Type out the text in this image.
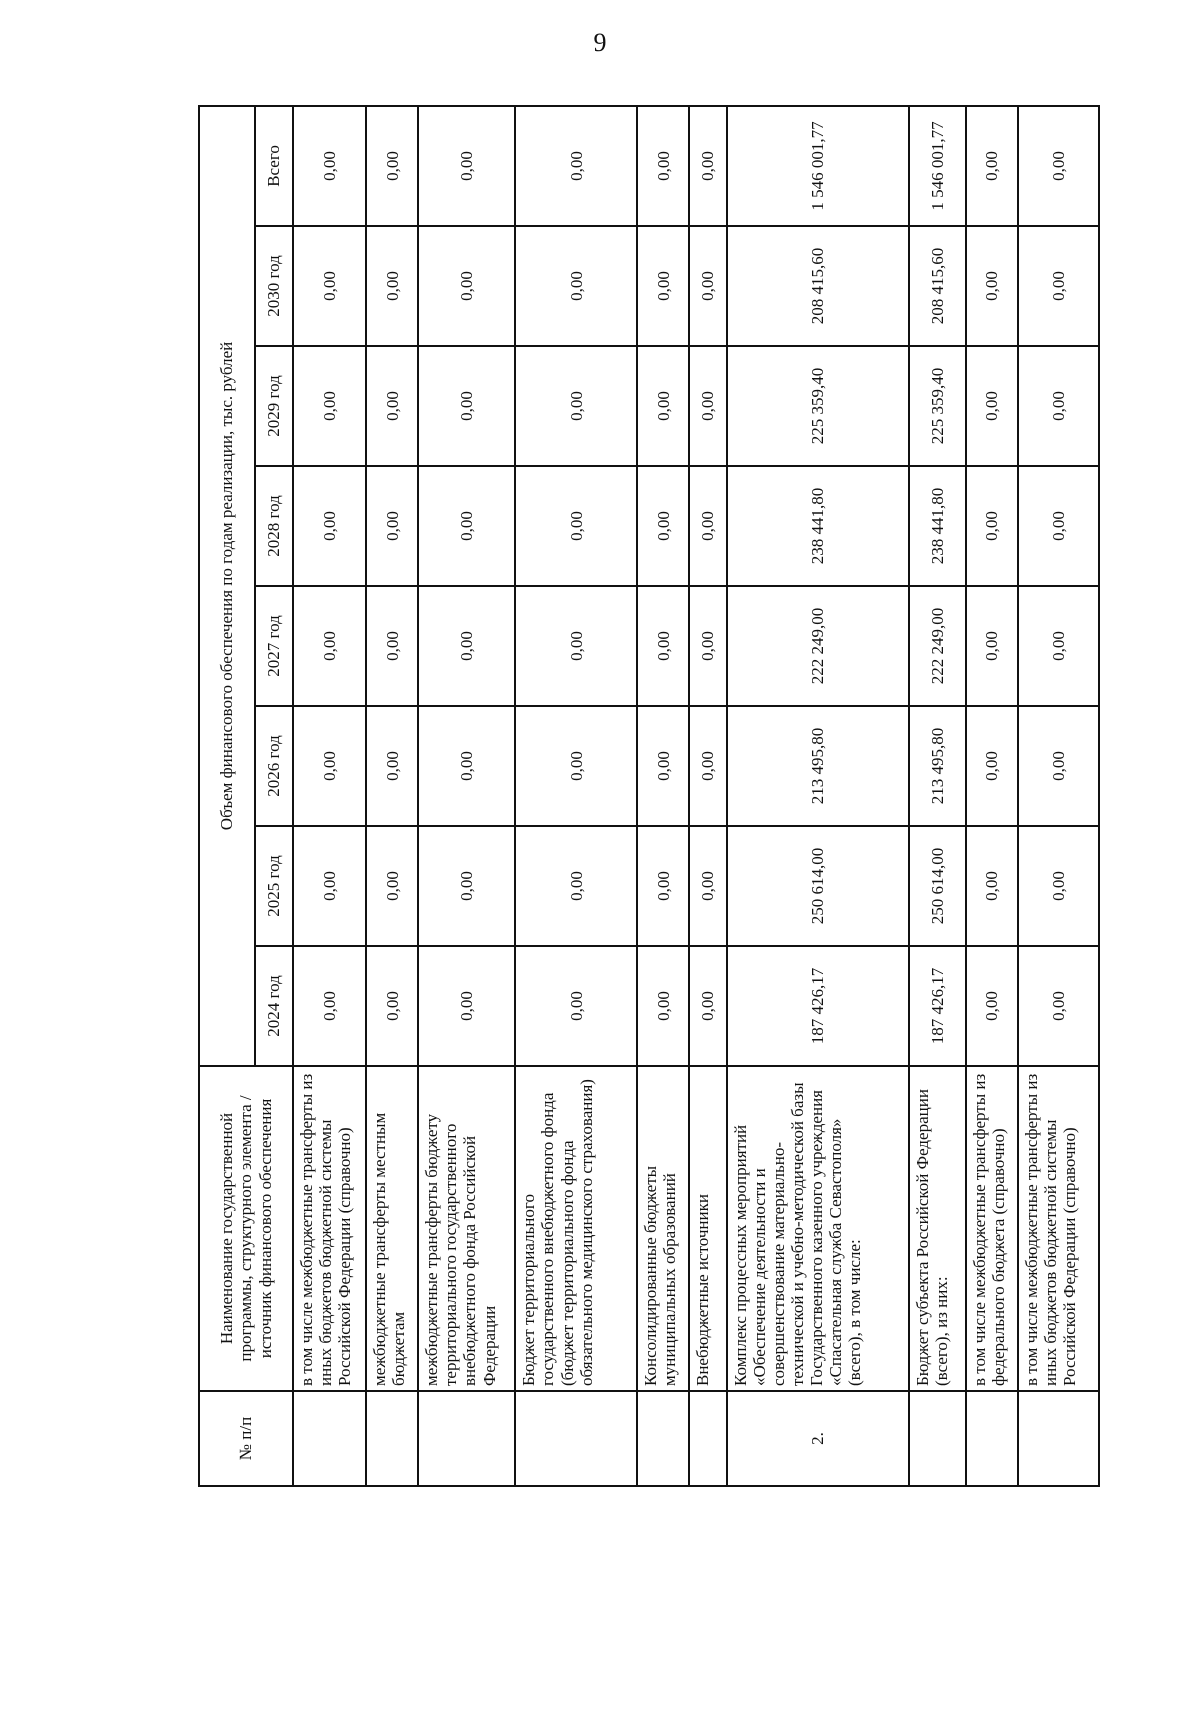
9
№ п/п	Наименование государственной программы, структурного элемента / источник финансового обеспечения	Объем финансового обеспечения по годам реализации, тыс. рублей							
		2024 год	2025 год	2026 год	2027 год	2028 год	2029 год	2030 год	Всего
	в том числе межбюджетные трансферты из иных бюджетов бюджетной системы Российской Федерации (справочно)	0,00	0,00	0,00	0,00	0,00	0,00	0,00	0,00
	межбюджетные трансферты местным бюджетам	0,00	0,00	0,00	0,00	0,00	0,00	0,00	0,00
	межбюджетные трансферты бюджету территориального государственного внебюджетного фонда Российской Федерации	0,00	0,00	0,00	0,00	0,00	0,00	0,00	0,00
	Бюджет территориального государственного внебюджетного фонда (бюджет территориального фонда обязательного медицинского страхования)	0,00	0,00	0,00	0,00	0,00	0,00	0,00	0,00
	Консолидированные бюджеты муниципальных образований	0,00	0,00	0,00	0,00	0,00	0,00	0,00	0,00
	Внебюджетные источники	0,00	0,00	0,00	0,00	0,00	0,00	0,00	0,00
2.	Комплекс процессных мероприятий «Обеспечение деятельности и совершенствование материально-технической и учебно-методической базы Государственного казенного учреждения «Спасательная служба Севастополя» (всего), в том числе:	187 426,17	250 614,00	213 495,80	222 249,00	238 441,80	225 359,40	208 415,60	1 546 001,77
	Бюджет субъекта Российской Федерации (всего), из них:	187 426,17	250 614,00	213 495,80	222 249,00	238 441,80	225 359,40	208 415,60	1 546 001,77
	в том числе межбюджетные трансферты из федерального бюджета (справочно)	0,00	0,00	0,00	0,00	0,00	0,00	0,00	0,00
	в том числе межбюджетные трансферты из иных бюджетов бюджетной системы Российской Федерации (справочно)	0,00	0,00	0,00	0,00	0,00	0,00	0,00	0,00
